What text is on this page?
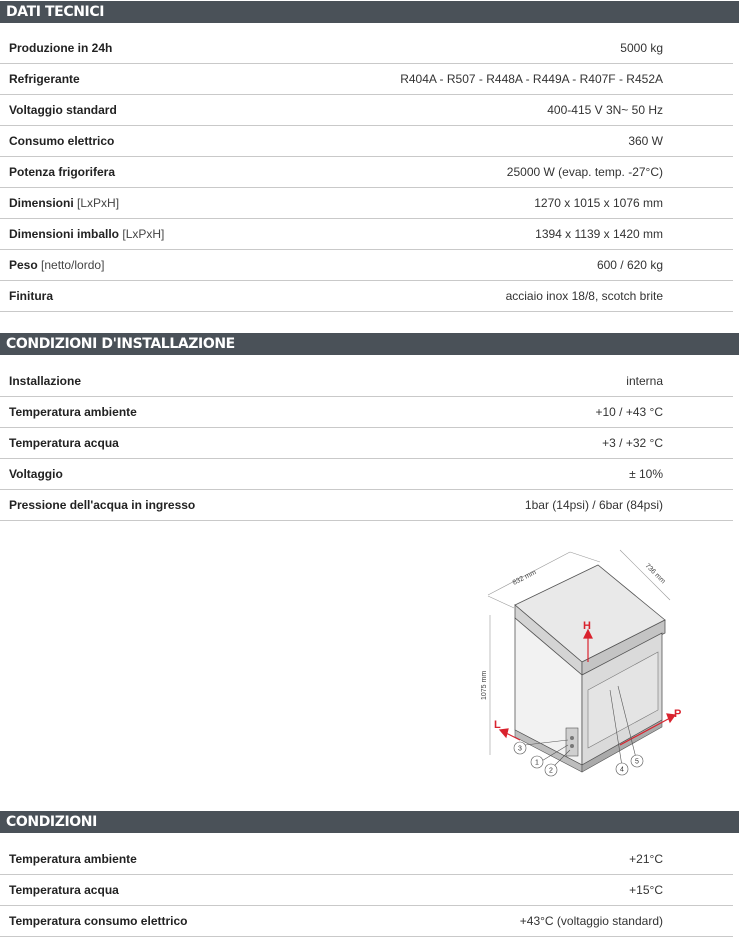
DATI TECNICI
Produzione in 24h	5000 kg
Refrigerante	R404A - R507 - R448A - R449A - R407F - R452A
Voltaggio standard	400-415 V 3N~ 50 Hz
Consumo elettrico	360 W
Potenza frigorifera	25000 W (evap. temp. -27°C)
Dimensioni [LxPxH]	1270 x 1015 x 1076 mm
Dimensioni imballo [LxPxH]	1394 x 1139 x 1420 mm
Peso [netto/lordo]	600 / 620 kg
Finitura	acciaio inox 18/8, scotch brite
CONDIZIONI D'INSTALLAZIONE
Installazione	interna
Temperatura ambiente	+10 / +43 °C
Temperatura acqua	+3 / +32 °C
Voltaggio	± 10%
Pressione dell'acqua in ingresso	1bar (14psi) / 6bar (84psi)
H
L
P
832 mm	736 mm
1075 mm
3
1
2	4
5
CONDIZIONI
Temperatura ambiente	+21°C
Temperatura acqua	+15°C
Temperatura consumo elettrico	+43°C (voltaggio standard)
